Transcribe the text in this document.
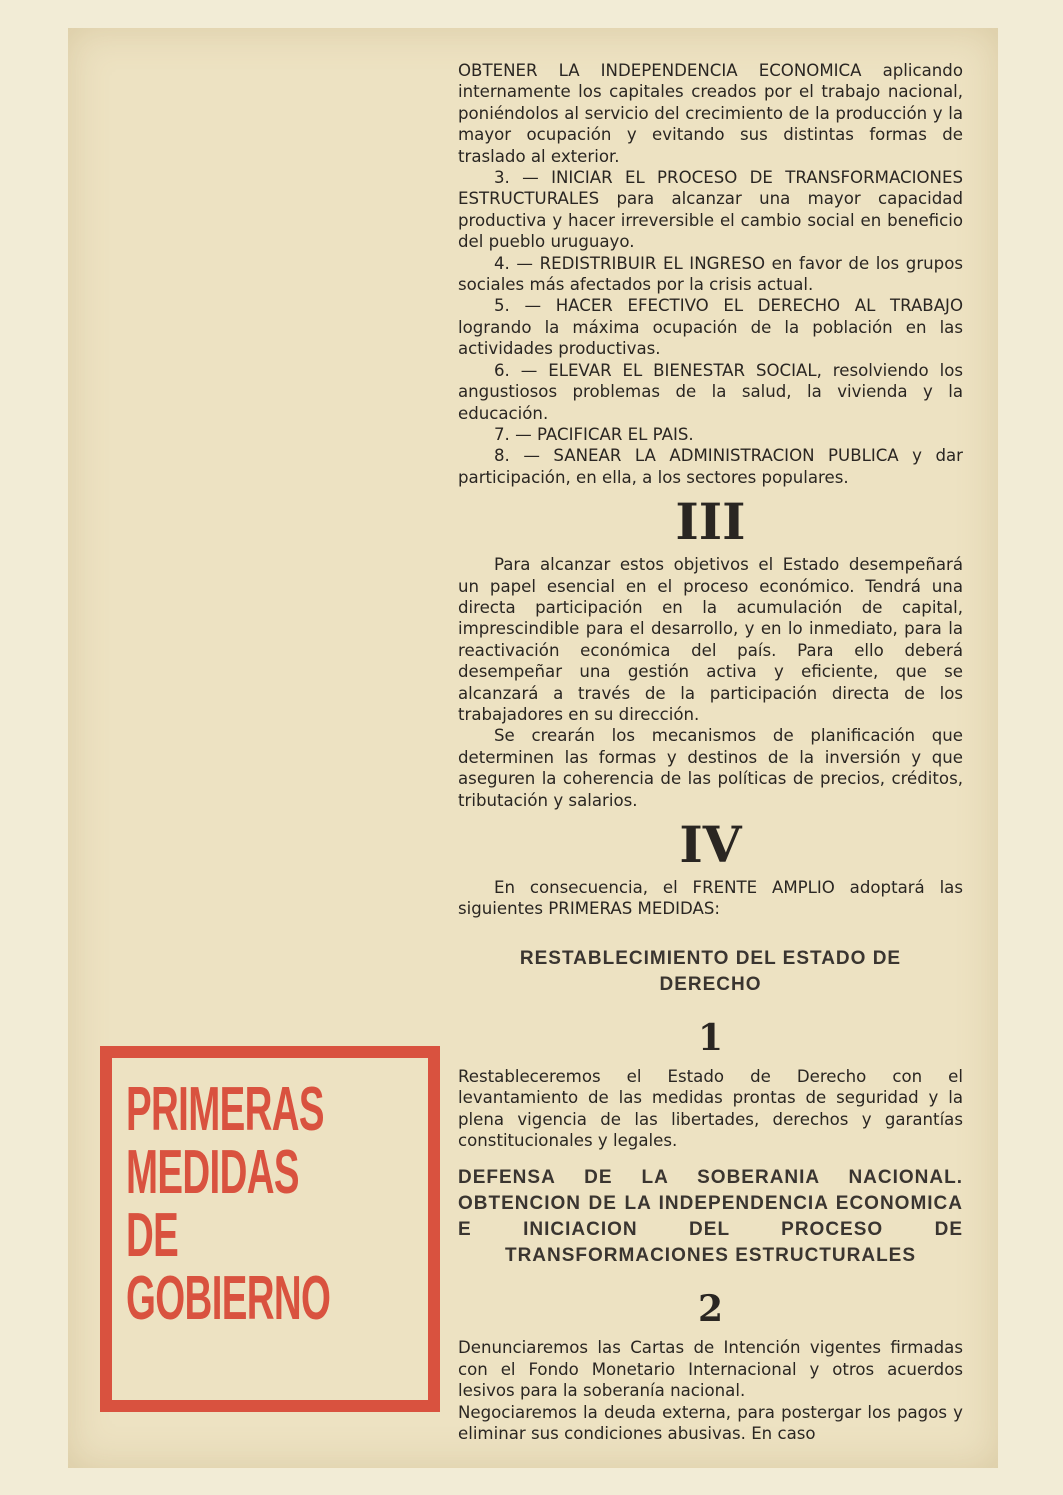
OBTENER LA INDEPENDENCIA ECONOMICA aplicando internamente los capitales creados por el trabajo nacional, poniéndolos al servicio del crecimiento de la producción y la mayor ocupación y evitando sus distintas formas de traslado al exterior.

3. — INICIAR EL PROCESO DE TRANSFORMACIONES ESTRUCTURALES para alcanzar una mayor capacidad productiva y hacer irreversible el cambio social en beneficio del pueblo uruguayo.

4. — REDISTRIBUIR EL INGRESO en favor de los grupos sociales más afectados por la crisis actual.

5. — HACER EFECTIVO EL DERECHO AL TRABAJO logrando la máxima ocupación de la población en las actividades productivas.

6. — ELEVAR EL BIENESTAR SOCIAL, resolviendo los angustiosos problemas de la salud, la vivienda y la educación.

7. — PACIFICAR EL PAIS.

8. — SANEAR LA ADMINISTRACION PUBLICA y dar participación, en ella, a los sectores populares.

III

Para alcanzar estos objetivos el Estado desempeñará un papel esencial en el proceso económico. Tendrá una directa participación en la acumulación de capital, imprescindible para el desarrollo, y en lo inmediato, para la reactivación económica del país. Para ello deberá desempeñar una gestión activa y eficiente, que se alcanzará a través de la participación directa de los trabajadores en su dirección.

Se crearán los mecanismos de planificación que determinen las formas y destinos de la inversión y que aseguren la coherencia de las políticas de precios, créditos, tributación y salarios.

IV

En consecuencia, el FRENTE AMPLIO adoptará las siguientes PRIMERAS MEDIDAS:

RESTABLECIMIENTO DEL ESTADO DE DERECHO
1

Restableceremos el Estado de Derecho con el levantamiento de las medidas prontas de seguridad y la plena vigencia de las libertades, derechos y garantías constitucionales y legales.

DEFENSA DE LA SOBERANIA NACIONAL. OBTENCION DE LA INDEPENDENCIA ECONOMICA E INICIACION DEL PROCESO DE TRANSFORMACIONES ESTRUCTURALES
2

Denunciaremos las Cartas de Intención vigentes firmadas con el Fondo Monetario Internacional y otros acuerdos lesivos para la soberanía nacional.

Negociaremos la deuda externa, para postergar los pagos y eliminar sus condiciones abusivas. En caso

PRIMERAS
MEDIDAS
DE
GOBIERNO
